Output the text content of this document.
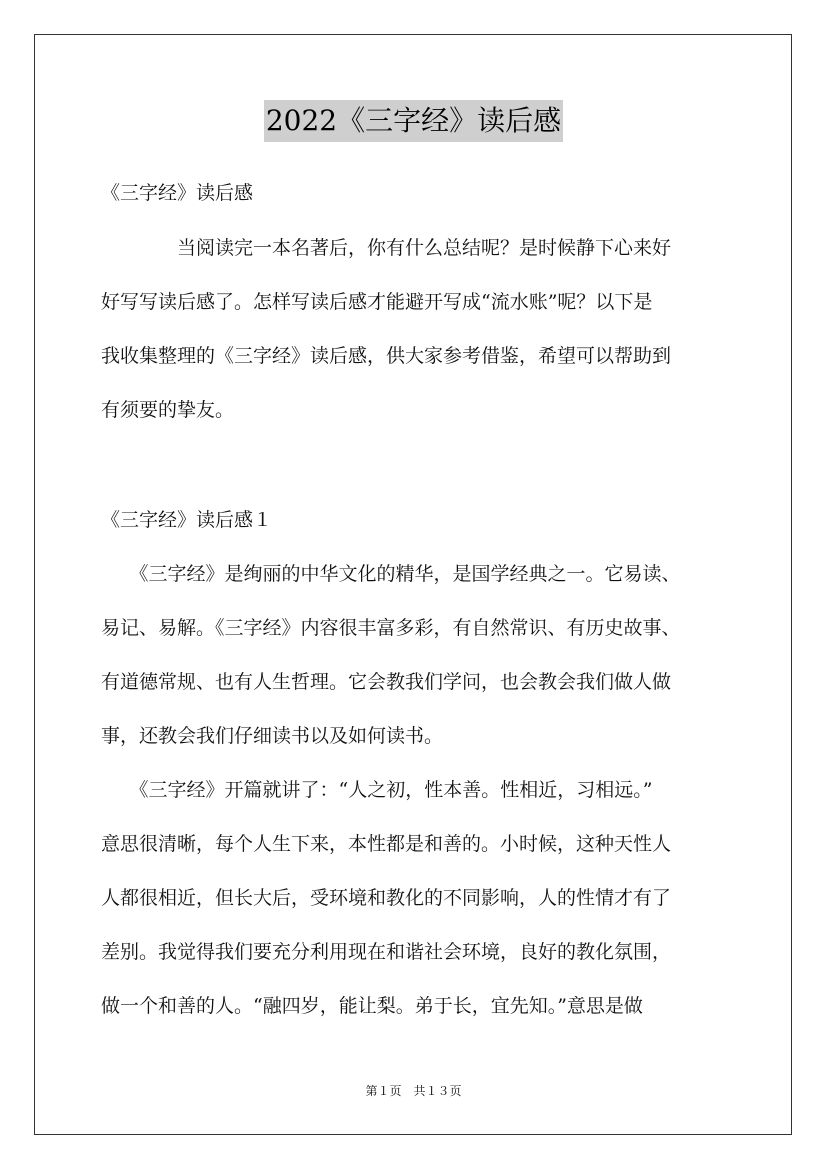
2022《三字经》读后感
《三字经》读后感
　　　　当阅读完一本名著后，你有什么总结呢？是时候静下心来好
好写写读后感了。怎样写读后感才能避开写成“流水账”呢？以下是
我收集整理的《三字经》读后感，供大家参考借鉴，希望可以帮助到
有须要的挚友。
《三字经》读后感１
　　《三字经》是绚丽的中华文化的精华，是国学经典之一。它易读、
易记、易解。《三字经》内容很丰富多彩，有自然常识、有历史故事、
有道德常规、也有人生哲理。它会教我们学问，也会教会我们做人做
事，还教会我们仔细读书以及如何读书。
　　《三字经》开篇就讲了：“人之初，性本善。性相近，习相远。”
意思很清晰，每个人生下来，本性都是和善的。小时候，这种天性人
人都很相近，但长大后，受环境和教化的不同影响，人的性情才有了
差别。我觉得我们要充分利用现在和谐社会环境，良好的教化氛围，
做一个和善的人。“融四岁，能让梨。弟于长，宜先知。”意思是做
第１页　共１３页
